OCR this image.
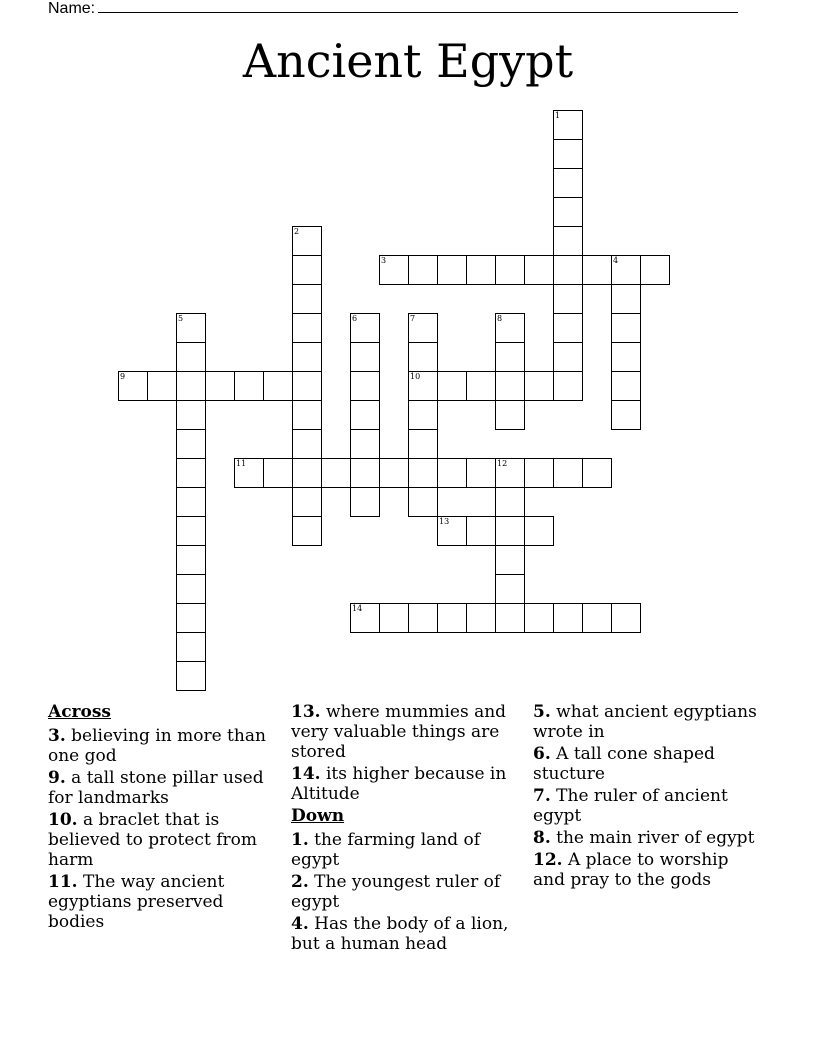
Name:
Ancient Egypt
1
2
3	4
5	6	7
10
8
9
11	12
13
14
Across
3. believing in more than one god
9. a tall stone pillar used for landmarks
10. a braclet that is believed to protect from harm
11. The way ancient egyptians preserved bodies
13. where mummies and very valuable things are stored
14. its higher because in Altitude
Down
1. the farming land of egypt
2. The youngest ruler of egypt
4. Has the body of a lion, but a human head
5. what ancient egyptians wrote in
6. A tall cone shaped stucture
7. The ruler of ancient egypt
8. the main river of egypt
12. A place to worship and pray to the gods
